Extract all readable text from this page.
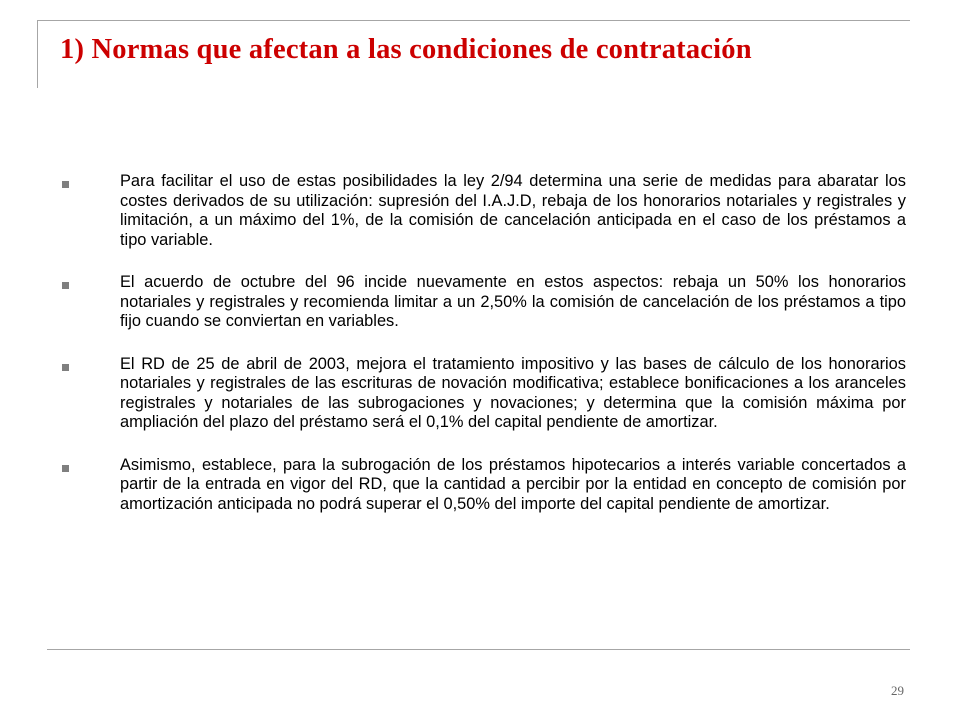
1) Normas que afectan a las condiciones de contratación
Para facilitar el uso de estas posibilidades la ley 2/94 determina una serie de medidas para abaratar los costes derivados de su utilización: supresión del I.A.J.D, rebaja de los honorarios notariales y registrales y limitación, a un máximo del 1%, de la comisión de cancelación anticipada en el caso de los préstamos a tipo variable.
El acuerdo de octubre del 96 incide nuevamente en estos aspectos: rebaja un 50% los honorarios notariales y registrales y recomienda limitar a un 2,50% la comisión de cancelación de los préstamos a tipo fijo cuando se conviertan en variables.
El RD de 25 de abril de 2003, mejora el tratamiento impositivo y las bases de cálculo de los honorarios notariales y registrales de las escrituras de novación modificativa; establece bonificaciones a los aranceles registrales y notariales de las subrogaciones y novaciones; y determina que la comisión máxima por ampliación del plazo del préstamo será el 0,1% del capital pendiente de amortizar.
Asimismo, establece, para la subrogación de los préstamos hipotecarios a interés variable concertados a partir de la entrada en vigor del RD, que la cantidad a percibir por la entidad en concepto de comisión por amortización anticipada no podrá superar el 0,50% del importe del capital pendiente de amortizar.
29
